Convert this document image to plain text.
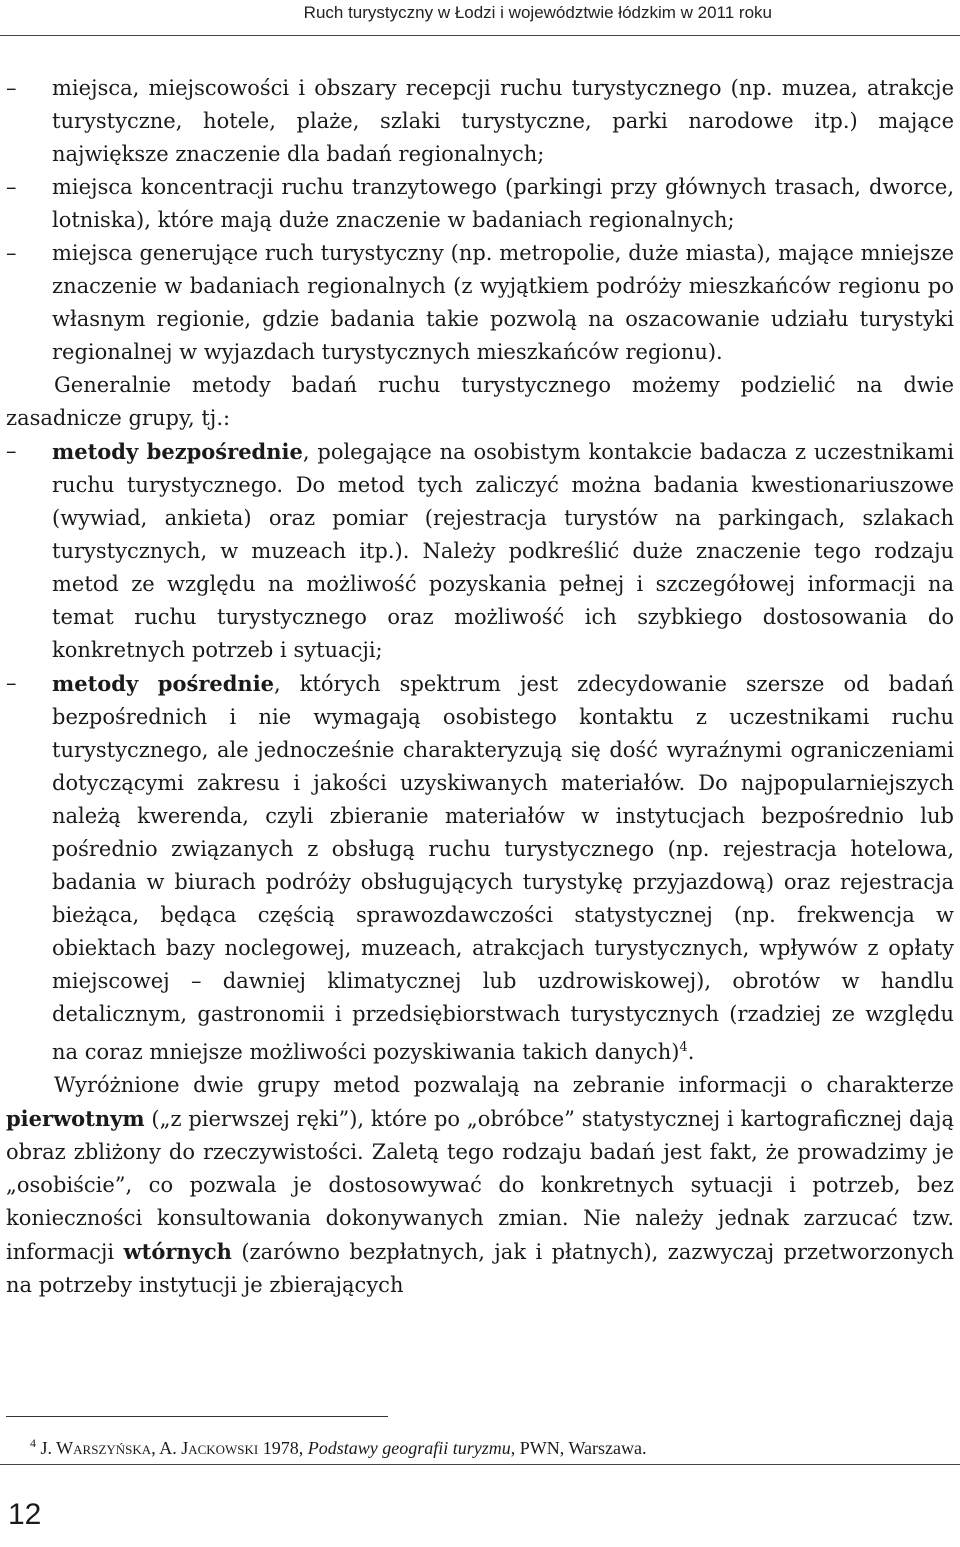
Ruch turystyczny w Łodzi i województwie łódzkim w 2011 roku

– miejsca, miejscowości i obszary recepcji ruchu turystycznego (np. muzea, atrakcje turystyczne, hotele, plaże, szlaki turystyczne, parki narodowe itp.) mające największe znaczenie dla badań regionalnych;

– miejsca koncentracji ruchu tranzytowego (parkingi przy głównych trasach, dworce, lotniska), które mają duże znaczenie w badaniach regionalnych;

– miejsca generujące ruch turystyczny (np. metropolie, duże miasta), mające mniejsze znaczenie w badaniach regionalnych (z wyjątkiem podróży mieszkańców regionu po własnym regionie, gdzie badania takie pozwolą na oszacowanie udziału turystyki regionalnej w wyjazdach turystycznych mieszkańców regionu).

Generalnie metody badań ruchu turystycznego możemy podzielić na dwie zasadnicze grupy, tj.:

– metody bezpośrednie, polegające na osobistym kontakcie badacza z uczestnikami ruchu turystycznego. Do metod tych zaliczyć można badania kwestionariuszowe (wywiad, ankieta) oraz pomiar (rejestracja turystów na parkingach, szlakach turystycznych, w muzeach itp.). Należy podkreślić duże znaczenie tego rodzaju metod ze względu na możliwość pozyskania pełnej i szczegółowej informacji na temat ruchu turystycznego oraz możliwość ich szybkiego dostosowania do konkretnych potrzeb i sytuacji;

– metody pośrednie, których spektrum jest zdecydowanie szersze od badań bezpośrednich i nie wymagają osobistego kontaktu z uczestnikami ruchu turystycznego, ale jednocześnie charakteryzują się dość wyraźnymi ograniczeniami dotyczącymi zakresu i jakości uzyskiwanych materiałów. Do najpopularniejszych należą kwerenda, czyli zbieranie materiałów w instytucjach bezpośrednio lub pośrednio związanych z obsługą ruchu turystycznego (np. rejestracja hotelowa, badania w biurach podróży obsługujących turystykę przyjazdową) oraz rejestracja bieżąca, będąca częścią sprawozdawczości statystycznej (np. frekwencja w obiektach bazy noclegowej, muzeach, atrakcjach turystycznych, wpływów z opłaty miejscowej – dawniej klimatycznej lub uzdrowiskowej), obrotów w handlu detalicznym, gastronomii i przedsiębiorstwach turystycznych (rzadziej ze względu na coraz mniejsze możliwości pozyskiwania takich danych)$^4$.

Wyróżnione dwie grupy metod pozwalają na zebranie informacji o charakterze pierwotnym („z pierwszej ręki”), które po „obróbce” statystycznej i kartograficznej dają obraz zbliżony do rzeczywistości. Zaletą tego rodzaju badań jest fakt, że prowadzimy je „osobiście”, co pozwala je dostosowywać do konkretnych sytuacji i potrzeb, bez konieczności konsultowania dokonywanych zmian. Nie należy jednak zarzucać tzw. informacji wtórnych (zarówno bezpłatnych, jak i płatnych), zazwyczaj przetworzonych na potrzeby instytucji je zbierających

$^4$ J. Warszyńska, A. Jackowski 1978, Podstawy geografii turyzmu, PWN, Warszawa.
12
